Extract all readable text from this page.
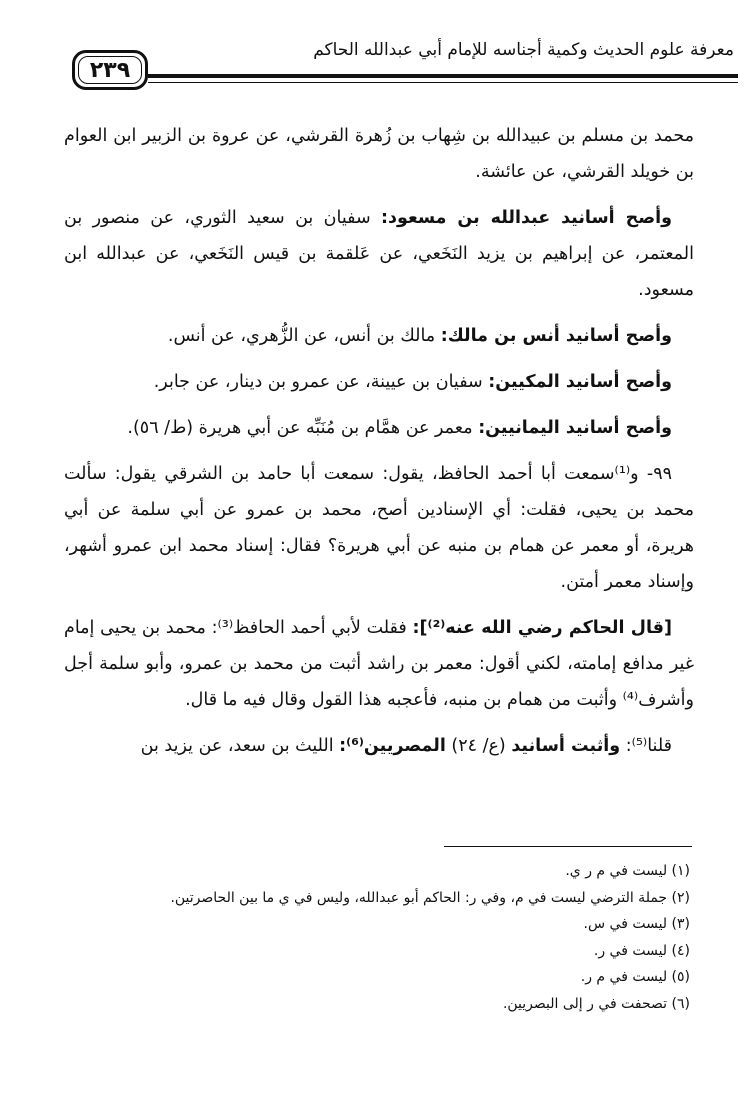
٢٣٩
معرفة علوم الحديث وكمية أجناسه للإمام أبي عبدالله الحاكم

محمد بن مسلم بن عبيدالله بن شِهاب بن زُهرة القرشي، عن عروة بن الزبير ابن العوام بن خويلد القرشي، عن عائشة.

وأصح أسانيد عبدالله بن مسعود: سفيان بن سعيد الثوري، عن منصور بن المعتمر، عن إبراهيم بن يزيد النَخَعي، عن عَلقمة بن قيس النَخَعي، عن عبدالله ابن مسعود.

وأصح أسانيد أنس بن مالك: مالك بن أنس، عن الزُّهري، عن أنس.

وأصح أسانيد المكيين: سفيان بن عيينة، عن عمرو بن دينار، عن جابر.

وأصح أسانيد اليمانيين: معمر عن همَّام بن مُنَبِّه عن أبي هريرة (ط/ ٥٦).

٩٩- و⁽¹⁾سمعت أبا أحمد الحافظ، يقول: سمعت أبا حامد بن الشرقي يقول: سألت محمد بن يحيى، فقلت: أي الإسنادين أصح، محمد بن عمرو عن أبي سلمة عن أبي هريرة، أو معمر عن همام بن منبه عن أبي هريرة؟ فقال: إسناد محمد ابن عمرو أشهر، وإسناد معمر أمتن.

[قال الحاكم رضي الله عنه⁽²⁾]: فقلت لأبي أحمد الحافظ⁽³⁾: محمد بن يحيى إمام غير مدافع إمامته، لكني أقول: معمر بن راشد أثبت من محمد بن عمرو، وأبو سلمة أجل وأشرف⁽⁴⁾ وأثبت من همام بن منبه، فأعجبه هذا القول وقال فيه ما قال.

قلنا⁽⁵⁾: وأثبت أسانيد (ع/ ٢٤) المصريين⁽⁶⁾: الليث بن سعد، عن يزيد بن

(١) ليست في م ر ي.
(٢) جملة الترضي ليست في م، وفي ر: الحاكم أبو عبدالله، وليس في ي ما بين الحاصرتين.
(٣) ليست في س.
(٤) ليست في ر.
(٥) ليست في م ر.
(٦) تصحفت في ر إلى البصريين.
